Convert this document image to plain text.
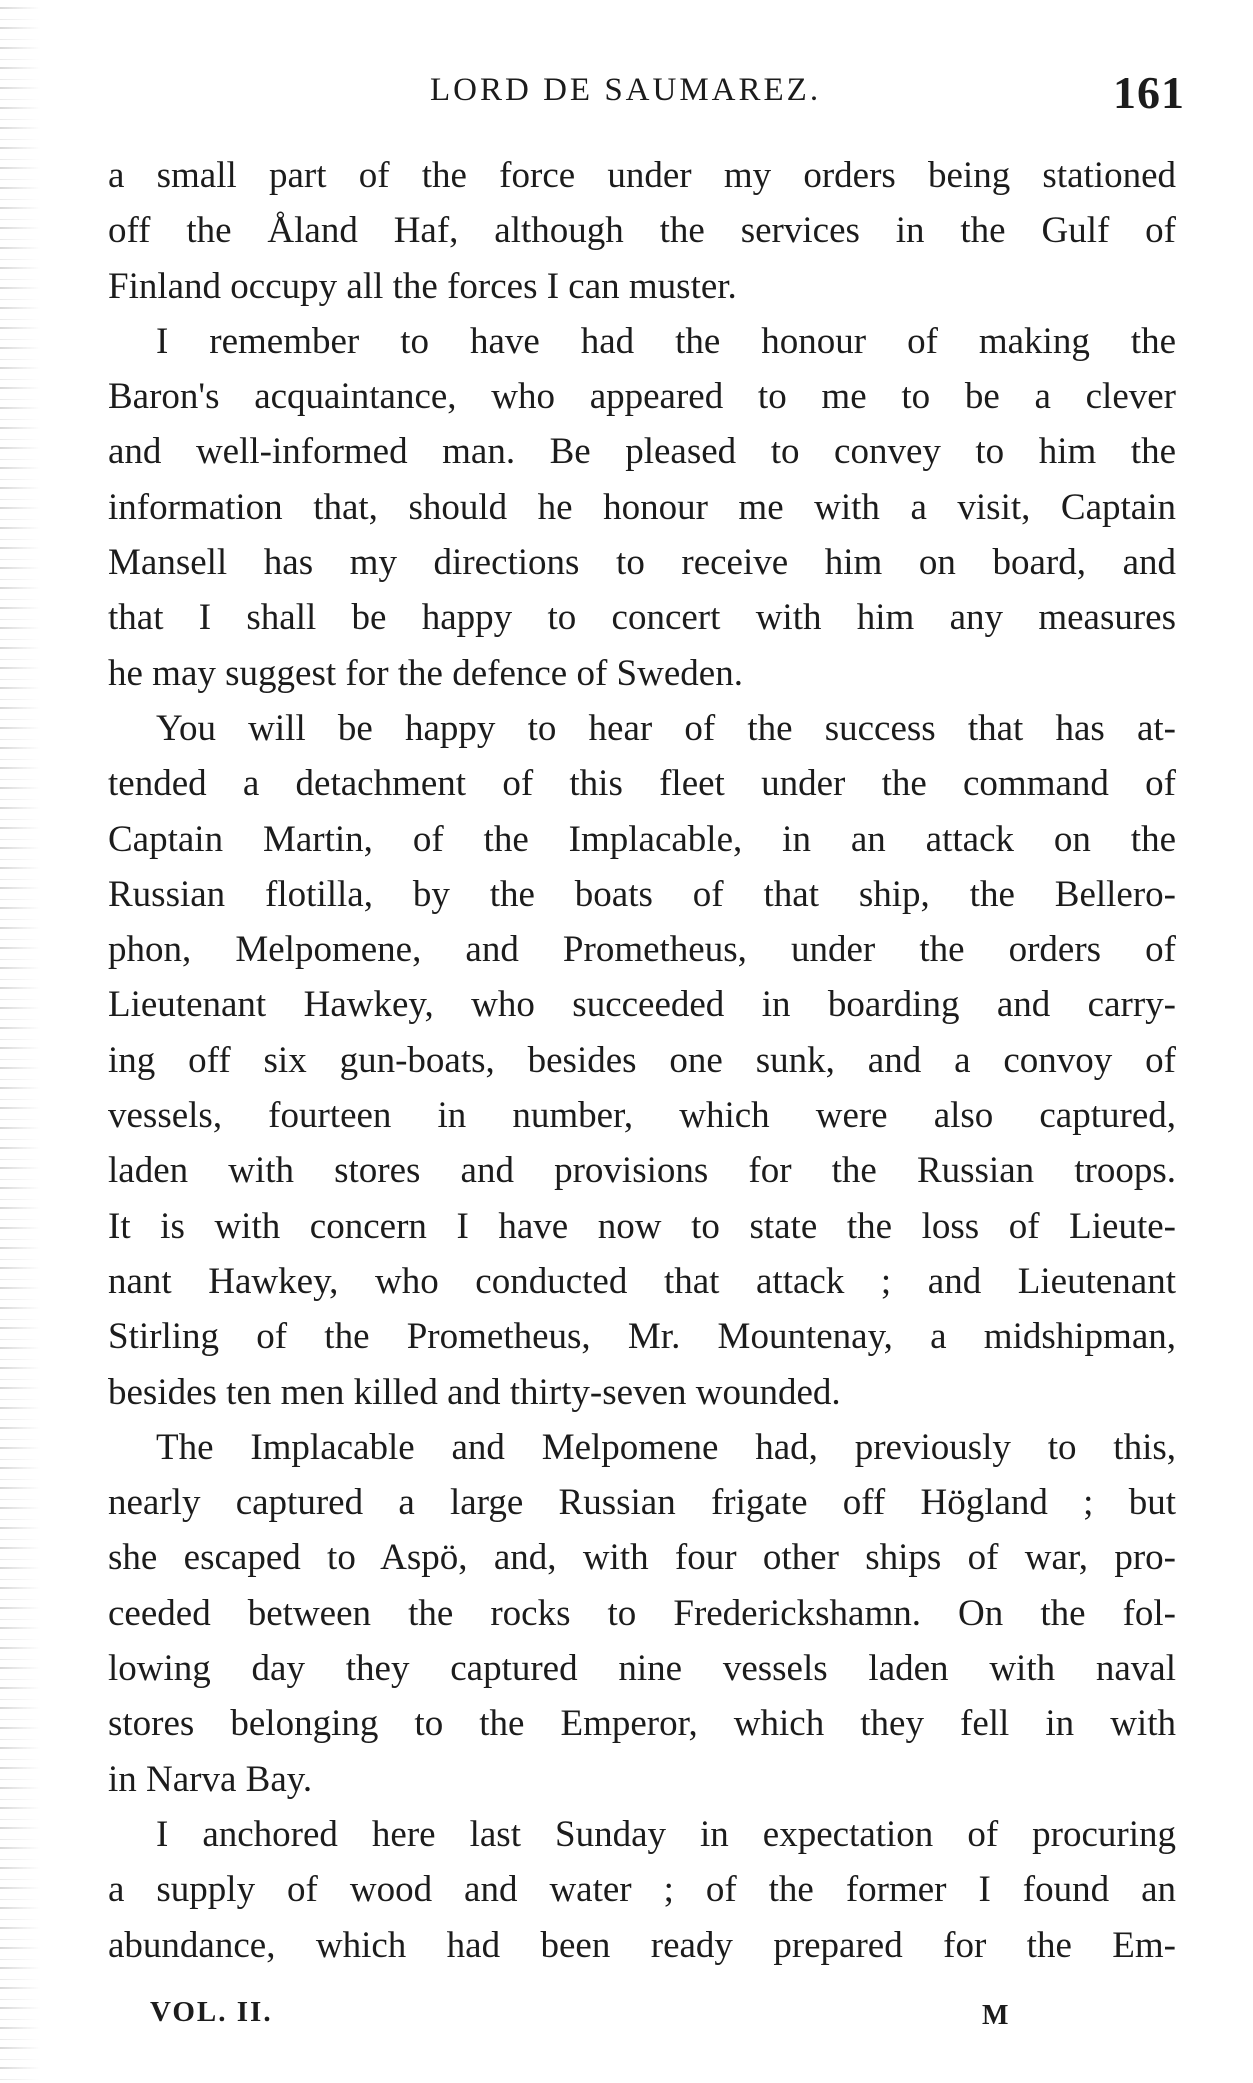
LORD DE SAUMAREZ.	161
a small part of the force under my orders being stationed
off the Åland Haf, although the services in the Gulf of
Finland occupy all the forces I can muster.
I remember to have had the honour of making the
Baron's acquaintance, who appeared to me to be a clever
and well-informed man. Be pleased to convey to him the
information that, should he honour me with a visit, Captain
Mansell has my directions to receive him on board, and
that I shall be happy to concert with him any measures
he may suggest for the defence of Sweden.
You will be happy to hear of the success that has at-
tended a detachment of this fleet under the command of
Captain Martin, of the Implacable, in an attack on the
Russian flotilla, by the boats of that ship, the Bellero-
phon, Melpomene, and Prometheus, under the orders of
Lieutenant Hawkey, who succeeded in boarding and carry-
ing off six gun-boats, besides one sunk, and a convoy of
vessels, fourteen in number, which were also captured,
laden with stores and provisions for the Russian troops.
It is with concern I have now to state the loss of Lieute-
nant Hawkey, who conducted that attack ; and Lieutenant
Stirling of the Prometheus, Mr. Mountenay, a midshipman,
besides ten men killed and thirty-seven wounded.
The Implacable and Melpomene had, previously to this,
nearly captured a large Russian frigate off Högland ; but
she escaped to Aspö, and, with four other ships of war, pro-
ceeded between the rocks to Frederickshamn. On the fol-
lowing day they captured nine vessels laden with naval
stores belonging to the Emperor, which they fell in with
in Narva Bay.
I anchored here last Sunday in expectation of procuring
a supply of wood and water ; of the former I found an
abundance, which had been ready prepared for the Em-
VOL. II.	M
